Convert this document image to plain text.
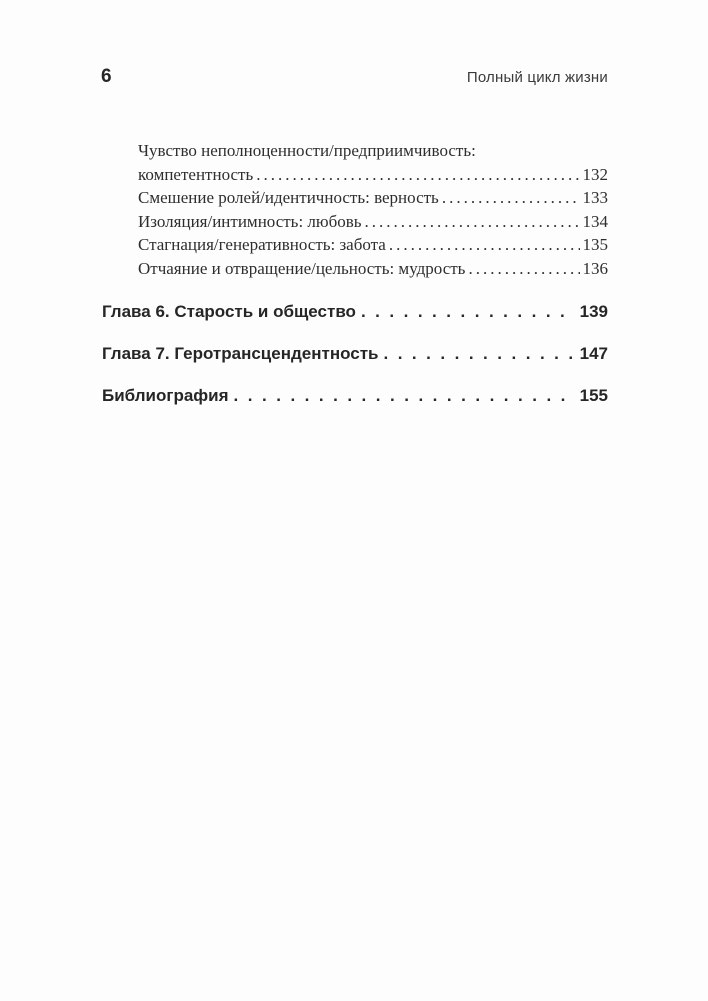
6	Полный цикл жизни
Чувство неполноценности/предприимчивость:
компетентность .....	132
Смешение ролей/идентичность: верность .....	133
Изоляция/интимность: любовь .....	134
Стагнация/генеративность: забота .....	135
Отчаяние и отвращение/цельность: мудрость .....	136
Глава 6. Старость и общество .....	139
Глава 7. Геротрансцендентность .....	147
Библиография .....	155
